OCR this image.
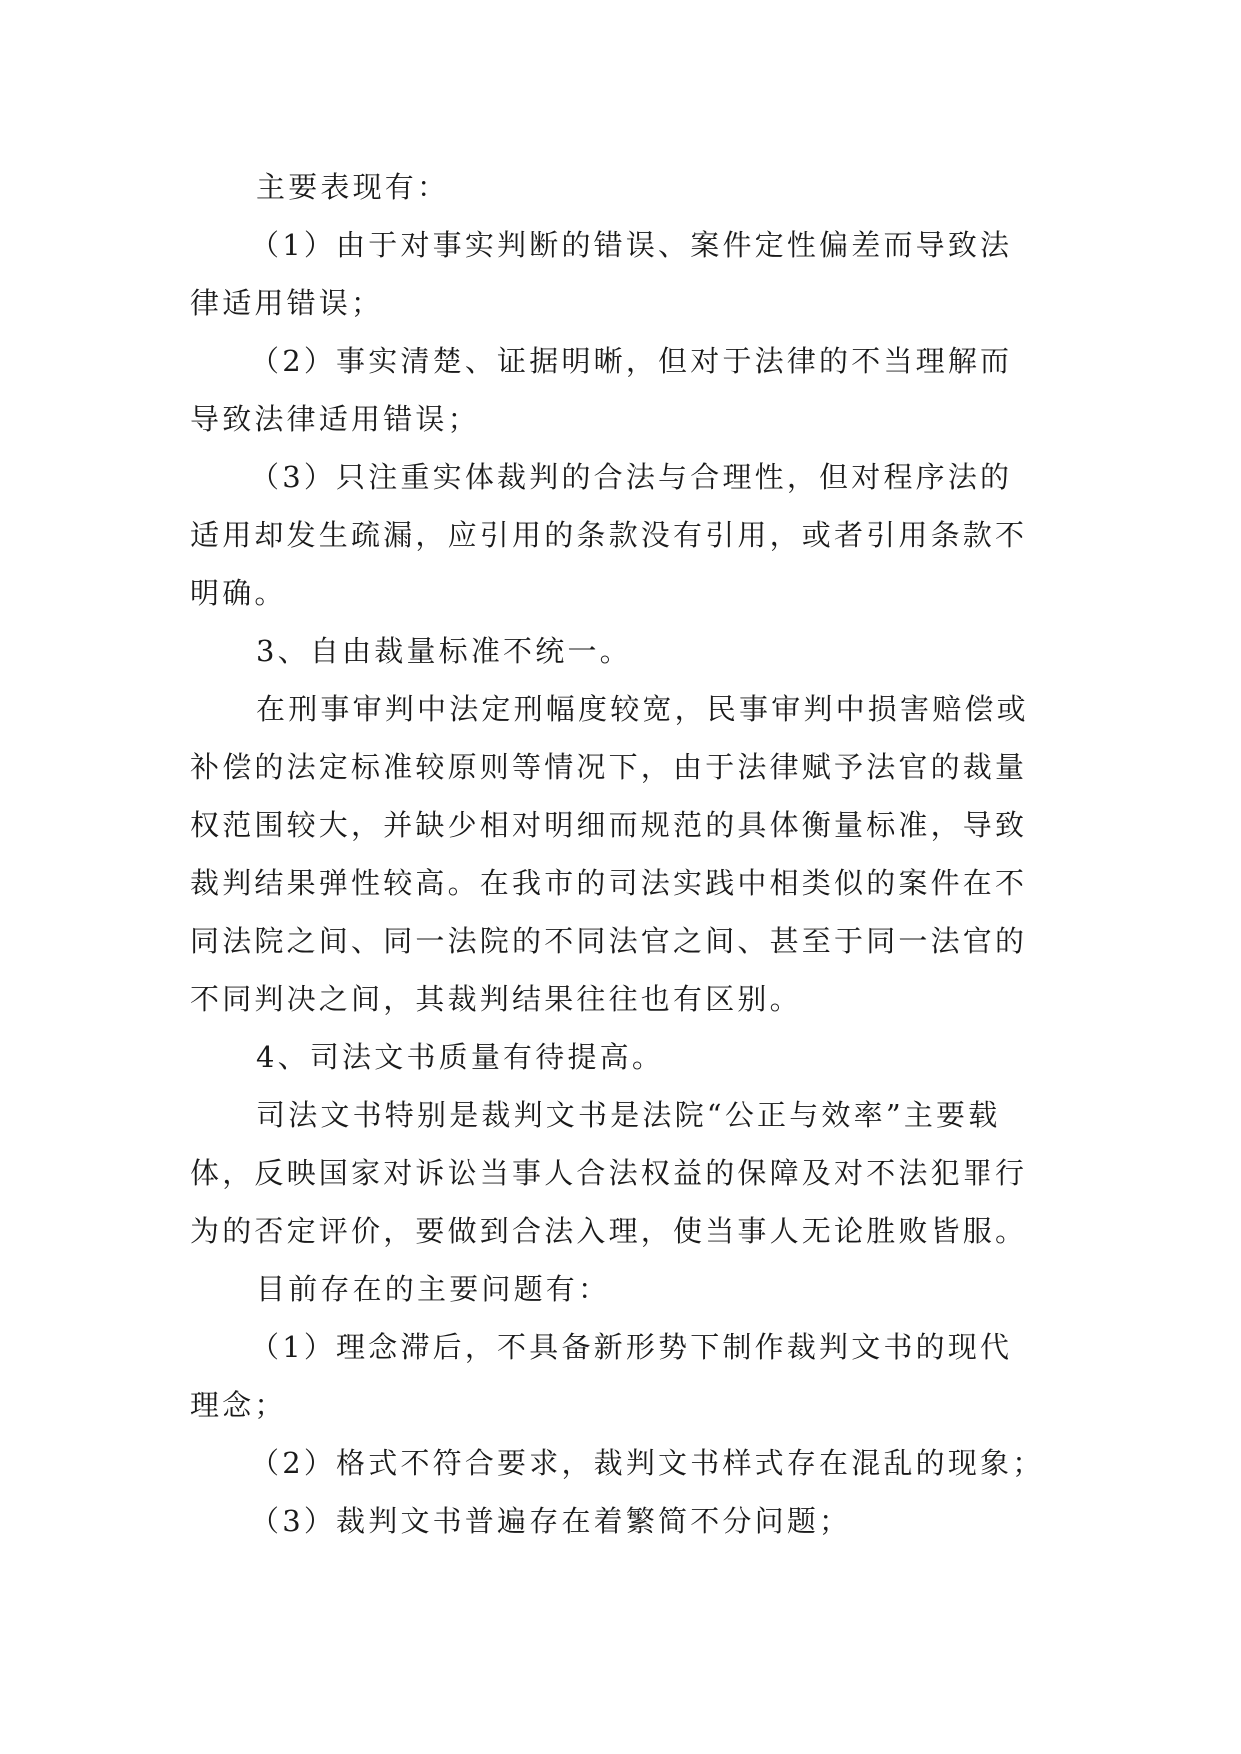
主要表现有：
（1）由于对事实判断的错误、案件定性偏差而导致法
律适用错误；
（2）事实清楚、证据明晰，但对于法律的不当理解而
导致法律适用错误；
（3）只注重实体裁判的合法与合理性，但对程序法的
适用却发生疏漏，应引用的条款没有引用，或者引用条款不
明确。
3、自由裁量标准不统一。
在刑事审判中法定刑幅度较宽，民事审判中损害赔偿或
补偿的法定标准较原则等情况下，由于法律赋予法官的裁量
权范围较大，并缺少相对明细而规范的具体衡量标准，导致
裁判结果弹性较高。在我市的司法实践中相类似的案件在不
同法院之间、同一法院的不同法官之间、甚至于同一法官的
不同判决之间，其裁判结果往往也有区别。
4、司法文书质量有待提高。
司法文书特别是裁判文书是法院“公正与效率”主要载
体，反映国家对诉讼当事人合法权益的保障及对不法犯罪行
为的否定评价，要做到合法入理，使当事人无论胜败皆服。
目前存在的主要问题有：
（1）理念滞后，不具备新形势下制作裁判文书的现代
理念；
（2）格式不符合要求，裁判文书样式存在混乱的现象；
（3）裁判文书普遍存在着繁简不分问题；
